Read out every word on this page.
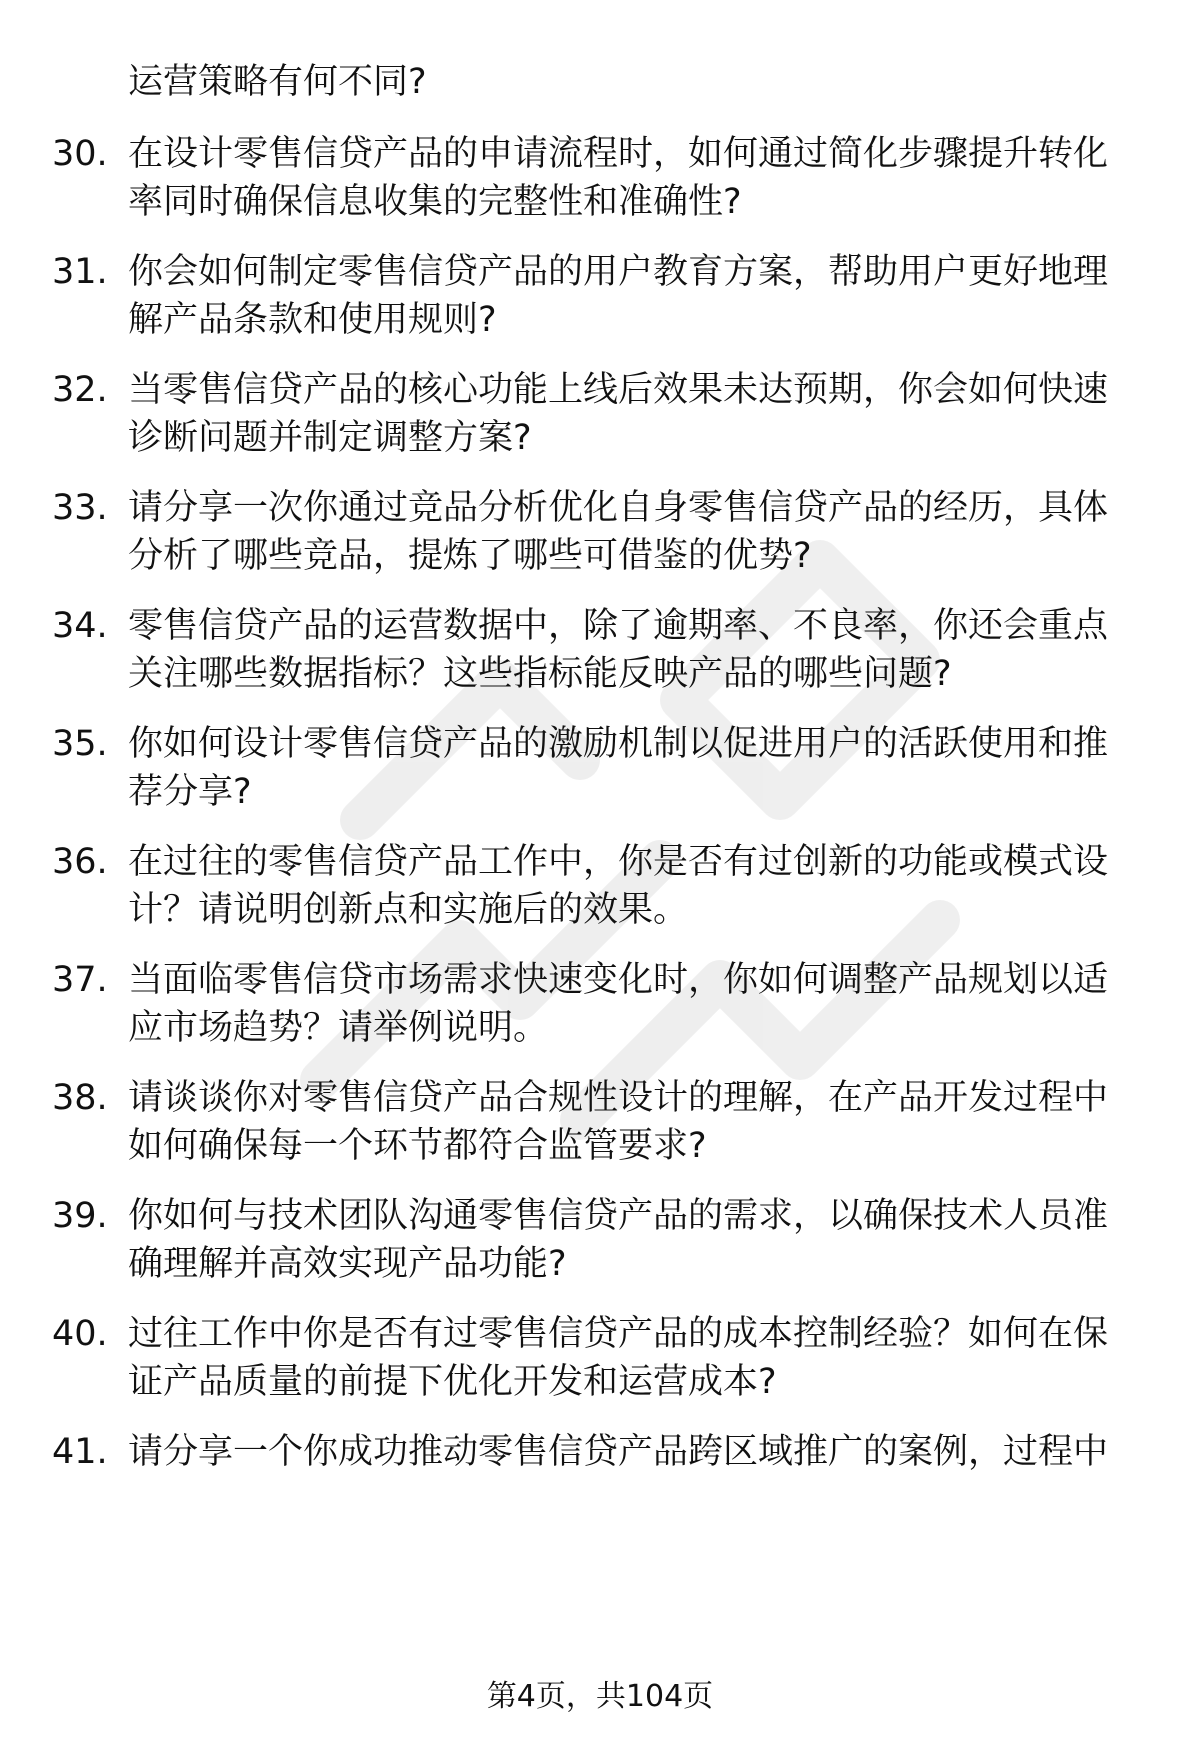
运营策略有何不同?
30. 在设计零售信贷产品的申请流程时，如何通过简化步骤提升转化
率同时确保信息收集的完整性和准确性?
31. 你会如何制定零售信贷产品的用户教育方案，帮助用户更好地理
解产品条款和使用规则?
32. 当零售信贷产品的核心功能上线后效果未达预期，你会如何快速
诊断问题并制定调整方案?
33. 请分享一次你通过竞品分析优化自身零售信贷产品的经历，具体
分析了哪些竞品，提炼了哪些可借鉴的优势?
34. 零售信贷产品的运营数据中，除了逾期率、不良率，你还会重点
关注哪些数据指标？这些指标能反映产品的哪些问题?
35. 你如何设计零售信贷产品的激励机制以促进用户的活跃使用和推
荐分享?
36. 在过往的零售信贷产品工作中，你是否有过创新的功能或模式设
计？请说明创新点和实施后的效果。
37. 当面临零售信贷市场需求快速变化时，你如何调整产品规划以适
应市场趋势？请举例说明。
38. 请谈谈你对零售信贷产品合规性设计的理解，在产品开发过程中
如何确保每一个环节都符合监管要求?
39. 你如何与技术团队沟通零售信贷产品的需求，以确保技术人员准
确理解并高效实现产品功能?
40. 过往工作中你是否有过零售信贷产品的成本控制经验？如何在保
证产品质量的前提下优化开发和运营成本?
41. 请分享一个你成功推动零售信贷产品跨区域推广的案例，过程中
第4页，共104页
